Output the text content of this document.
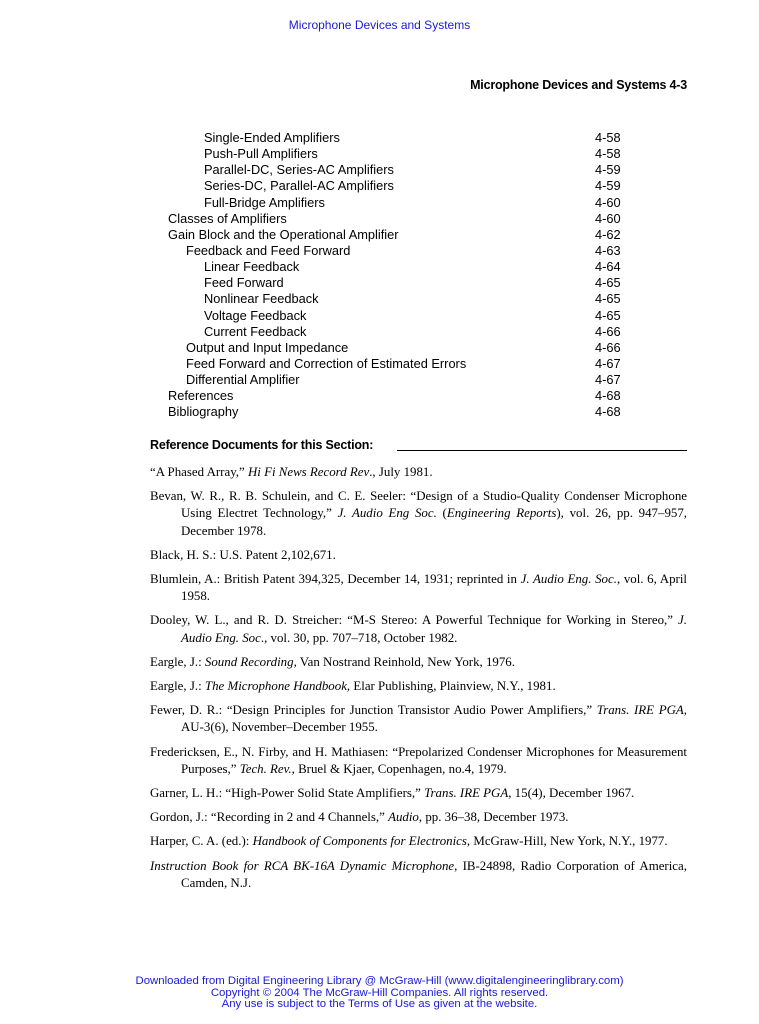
Microphone Devices and Systems
Microphone Devices and Systems 4-3
Single-Ended Amplifiers	4-58
Push-Pull Amplifiers	4-58
Parallel-DC, Series-AC Amplifiers	4-59
Series-DC, Parallel-AC Amplifiers	4-59
Full-Bridge Amplifiers	4-60
Classes of Amplifiers	4-60
Gain Block and the Operational Amplifier	4-62
Feedback and Feed Forward	4-63
Linear Feedback	4-64
Feed Forward	4-65
Nonlinear Feedback	4-65
Voltage Feedback	4-65
Current Feedback	4-66
Output and Input Impedance	4-66
Feed Forward and Correction of Estimated Errors	4-67
Differential Amplifier	4-67
References	4-68
Bibliography	4-68
Reference Documents for this Section:
“A Phased Array,” Hi Fi News Record Rev., July 1981.
Bevan, W. R., R. B. Schulein, and C. E. Seeler: “Design of a Studio-Quality Condenser Microphone Using Electret Technology,” J. Audio Eng Soc. (Engineering Reports), vol. 26, pp. 947–957, December 1978.
Black, H. S.: U.S. Patent 2,102,671.
Blumlein, A.: British Patent 394,325, December 14, 1931; reprinted in J. Audio Eng. Soc., vol. 6, April 1958.
Dooley, W. L., and R. D. Streicher: “M-S Stereo: A Powerful Technique for Working in Stereo,” J. Audio Eng. Soc., vol. 30, pp. 707–718, October 1982.
Eargle, J.: Sound Recording, Van Nostrand Reinhold, New York, 1976.
Eargle, J.: The Microphone Handbook, Elar Publishing, Plainview, N.Y., 1981.
Fewer, D. R.: “Design Principles for Junction Transistor Audio Power Amplifiers,” Trans. IRE PGA, AU-3(6), November–December 1955.
Fredericksen, E., N. Firby, and H. Mathiasen: “Prepolarized Condenser Microphones for Measurement Purposes,” Tech. Rev., Bruel & Kjaer, Copenhagen, no.4, 1979.
Garner, L. H.: “High-Power Solid State Amplifiers,” Trans. IRE PGA, 15(4), December 1967.
Gordon, J.: “Recording in 2 and 4 Channels,” Audio, pp. 36–38, December 1973.
Harper, C. A. (ed.): Handbook of Components for Electronics, McGraw-Hill, New York, N.Y., 1977.
Instruction Book for RCA BK-16A Dynamic Microphone, IB-24898, Radio Corporation of America, Camden, N.J.
Downloaded from Digital Engineering Library @ McGraw-Hill (www.digitalengineeringlibrary.com)
Copyright © 2004 The McGraw-Hill Companies. All rights reserved.
Any use is subject to the Terms of Use as given at the website.
